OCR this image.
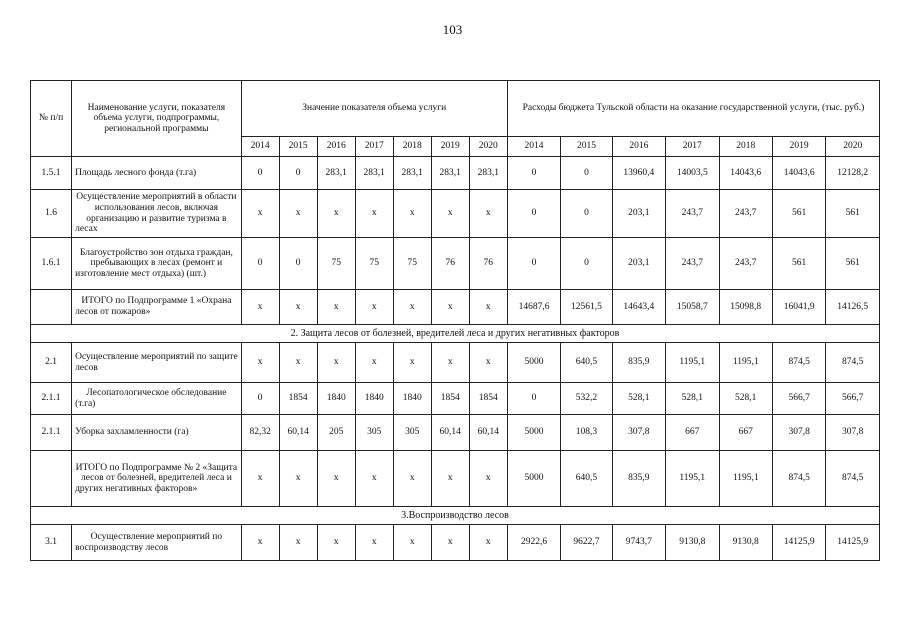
103
№ п/п	Наименование услуги, показателя объема услуги, подпрограммы, региональной программы	Значение показателя объема услуги							Расходы бюджета Тульской области на оказание государственной услуги, (тыс. руб.)						
		2014	2015	2016	2017	2018	2019	2020	2014	2015	2016	2017	2018	2019	2020
1.5.1	Площадь лесного фонда (т.га)	0	0	283,1	283,1	283,1	283,1	283,1	0	0	13960,4	14003,5	14043,6	14043,6	12128,2
1.6	Осуществление мероприятий в области использования лесов, включая организацию и развитие туризма в лесах	х	х	х	х	х	х	х	0	0	203,1	243,7	243,7	561	561
1.6.1	Благоустройство зон отдыха граждан, пребывающих в лесах (ремонт и изготовление мест отдыха) (шт.)	0	0	75	75	75	76	76	0	0	203,1	243,7	243,7	561	561
	ИТОГО по Подпрограмме 1 «Охрана лесов от пожаров»	х	х	х	х	х	х	х	14687,6	12561,5	14643,4	15058,7	15098,8	16041,9	14126,5
2. Защита лесов от болезней, вредителей леса и других негативных факторов															
2.1	Осуществление мероприятий по защите лесов	х	х	х	х	х	х	х	5000	640,5	835,9	1195,1	1195,1	874,5	874,5
2.1.1	Лесопатологическое обследование (т.га)	0	1854	1840	1840	1840	1854	1854	0	532,2	528,1	528,1	528,1	566,7	566,7
2.1.1	Уборка захламленности (га)	82,32	60,14	205	305	305	60,14	60,14	5000	108,3	307,8	667	667	307,8	307,8
	ИТОГО по Подпрограмме № 2 «Защита лесов от болезней, вредителей леса и других негативных факторов»	х	х	х	х	х	х	х	5000	640,5	835,9	1195,1	1195,1	874,5	874,5
3.Воспроизводство лесов															
3.1	Осуществление мероприятий по воспроизводству лесов	х	х	х	х	х	х	х	2922,6	9622,7	9743,7	9130,8	9130,8	14125,9	14125,9
